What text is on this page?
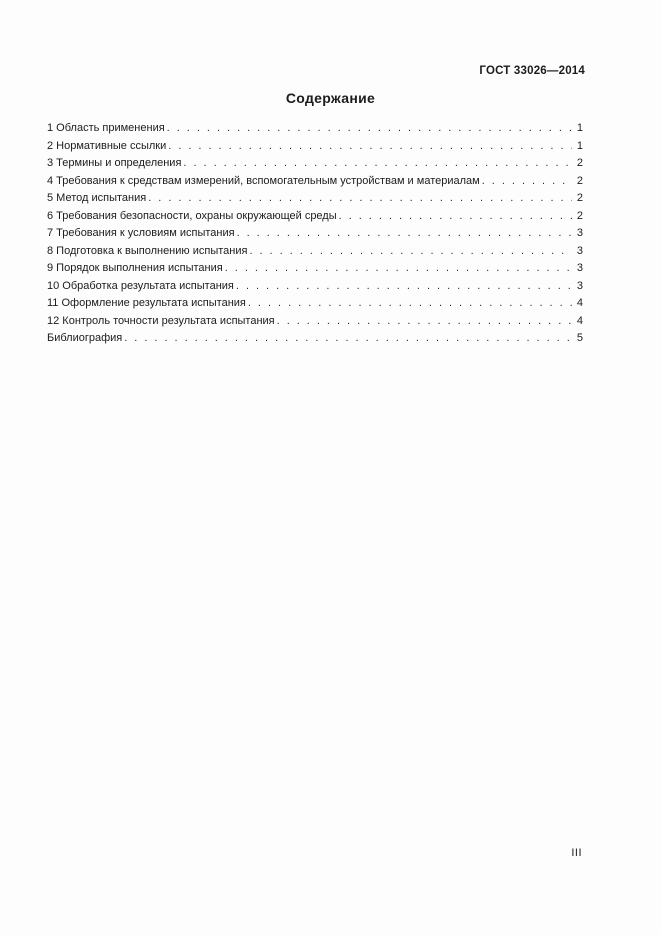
ГОСТ 33026—2014
Содержание
1 Область применения .....	1
2 Нормативные ссылки .....	1
3 Термины и определения .....	2
4 Требования к средствам измерений, вспомогательным устройствам и материалам .....	2
5 Метод испытания .....	2
6 Требования безопасности, охраны окружающей среды .....	2
7 Требования к условиям испытания .....	3
8 Подготовка к выполнению испытания .....	3
9 Порядок выполнения испытания .....	3
10 Обработка результата испытания .....	3
11 Оформление результата испытания .....	4
12 Контроль точности результата испытания .....	4
Библиография .....	5
III
